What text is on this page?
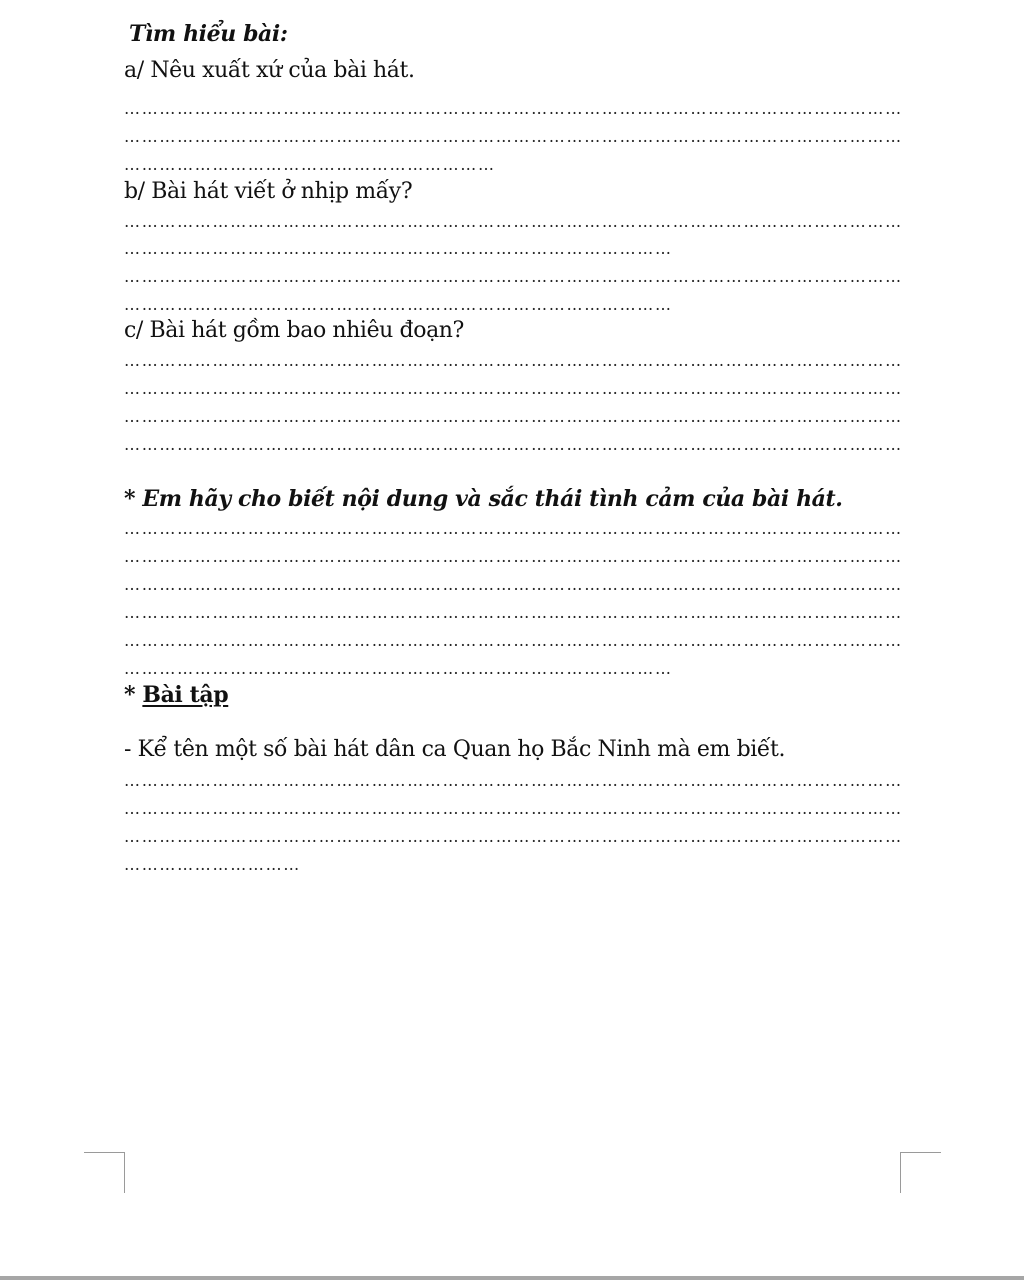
Tìm hiểu bài:

a/ Nêu xuất xứ của bài hát.

……………………………………………………………………………………………………………………

……………………………………………………………………………………………………………………

………………………………………………………

b/ Bài hát viết ở nhịp mấy?

……………………………………………………………………………………………………………………

…………………………………………………………………………………

……………………………………………………………………………………………………………………

…………………………………………………………………………………

c/ Bài hát gồm bao nhiêu đoạn?

……………………………………………………………………………………………………………………

……………………………………………………………………………………………………………………

……………………………………………………………………………………………………………………

……………………………………………………………………………………………………………………

* Em hãy cho biết nội dung và sắc thái tình cảm của bài hát.

……………………………………………………………………………………………………………………

……………………………………………………………………………………………………………………

……………………………………………………………………………………………………………………

……………………………………………………………………………………………………………………

……………………………………………………………………………………………………………………

…………………………………………………………………………………

* Bài tập

- Kể tên một số bài hát dân ca Quan họ Bắc Ninh mà em biết.

……………………………………………………………………………………………………………………

……………………………………………………………………………………………………………………

……………………………………………………………………………………………………………………

…………………………
